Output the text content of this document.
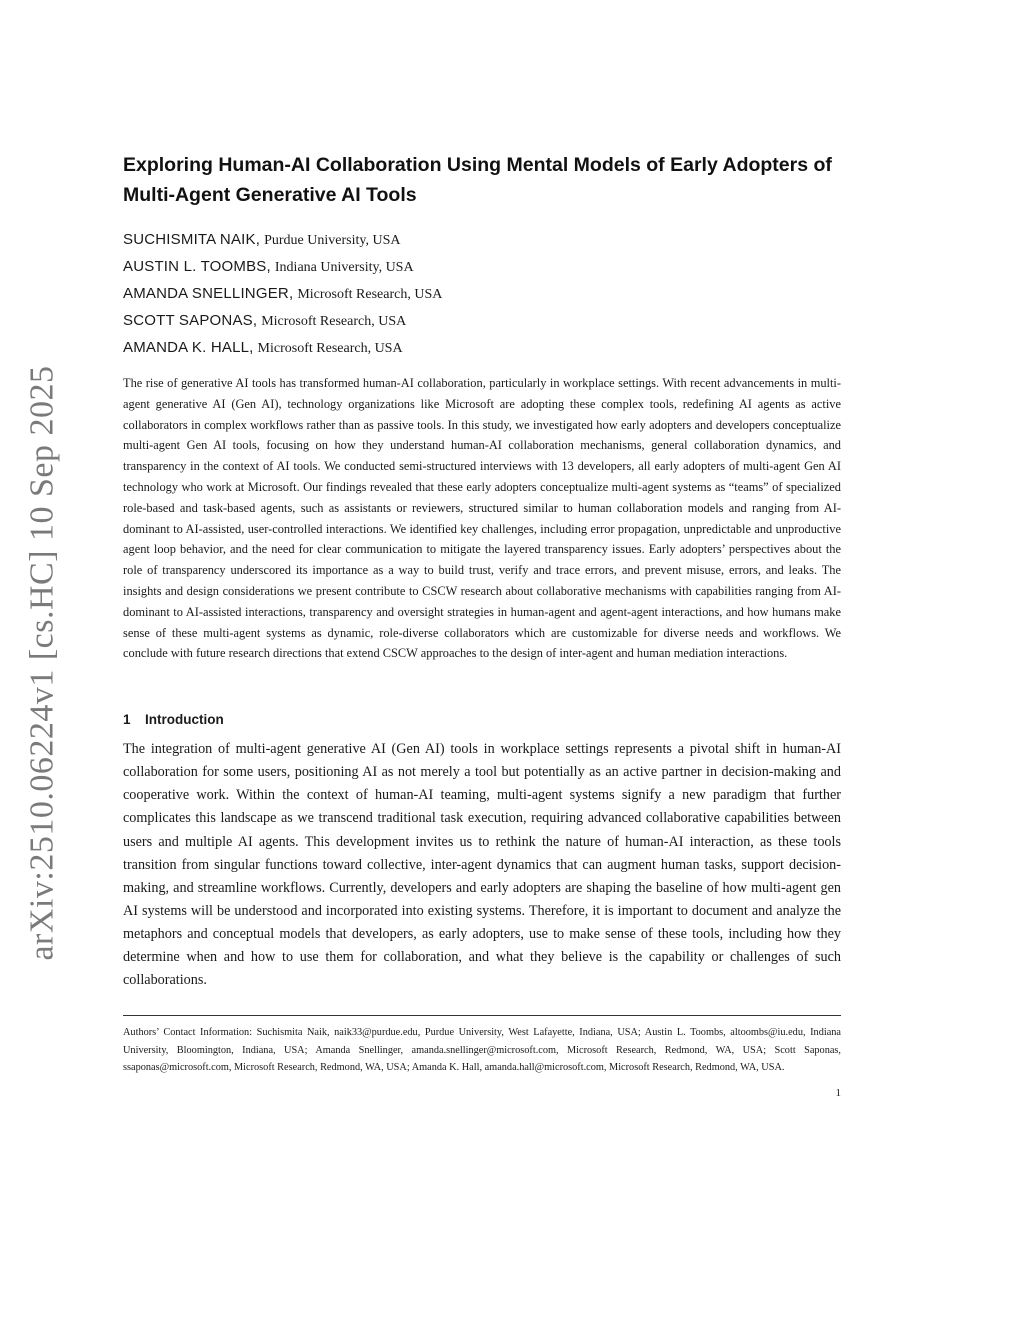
arXiv:2510.06224v1 [cs.HC] 10 Sep 2025
Exploring Human-AI Collaboration Using Mental Models of Early Adopters of Multi-Agent Generative AI Tools
SUCHISMITA NAIK, Purdue University, USA
AUSTIN L. TOOMBS, Indiana University, USA
AMANDA SNELLINGER, Microsoft Research, USA
SCOTT SAPONAS, Microsoft Research, USA
AMANDA K. HALL, Microsoft Research, USA

The rise of generative AI tools has transformed human-AI collaboration, particularly in workplace settings. With recent advancements in multi-agent generative AI (Gen AI), technology organizations like Microsoft are adopting these complex tools, redefining AI agents as active collaborators in complex workflows rather than as passive tools. In this study, we investigated how early adopters and developers conceptualize multi-agent Gen AI tools, focusing on how they understand human-AI collaboration mechanisms, general collaboration dynamics, and transparency in the context of AI tools. We conducted semi-structured interviews with 13 developers, all early adopters of multi-agent Gen AI technology who work at Microsoft. Our findings revealed that these early adopters conceptualize multi-agent systems as “teams” of specialized role-based and task-based agents, such as assistants or reviewers, structured similar to human collaboration models and ranging from AI-dominant to AI-assisted, user-controlled interactions. We identified key challenges, including error propagation, unpredictable and unproductive agent loop behavior, and the need for clear communication to mitigate the layered transparency issues. Early adopters’ perspectives about the role of transparency underscored its importance as a way to build trust, verify and trace errors, and prevent misuse, errors, and leaks. The insights and design considerations we present contribute to CSCW research about collaborative mechanisms with capabilities ranging from AI-dominant to AI-assisted interactions, transparency and oversight strategies in human-agent and agent-agent interactions, and how humans make sense of these multi-agent systems as dynamic, role-diverse collaborators which are customizable for diverse needs and workflows. We conclude with future research directions that extend CSCW approaches to the design of inter-agent and human mediation interactions.

1 Introduction

The integration of multi-agent generative AI (Gen AI) tools in workplace settings represents a pivotal shift in human-AI collaboration for some users, positioning AI as not merely a tool but potentially as an active partner in decision-making and cooperative work. Within the context of human-AI teaming, multi-agent systems signify a new paradigm that further complicates this landscape as we transcend traditional task execution, requiring advanced collaborative capabilities between users and multiple AI agents. This development invites us to rethink the nature of human-AI interaction, as these tools transition from singular functions toward collective, inter-agent dynamics that can augment human tasks, support decision-making, and streamline workflows. Currently, developers and early adopters are shaping the baseline of how multi-agent gen AI systems will be understood and incorporated into existing systems. Therefore, it is important to document and analyze the metaphors and conceptual models that developers, as early adopters, use to make sense of these tools, including how they determine when and how to use them for collaboration, and what they believe is the capability or challenges of such collaborations.

Authors’ Contact Information: Suchismita Naik, naik33@purdue.edu, Purdue University, West Lafayette, Indiana, USA; Austin L. Toombs, altoombs@iu.edu, Indiana University, Bloomington, Indiana, USA; Amanda Snellinger, amanda.snellinger@microsoft.com, Microsoft Research, Redmond, WA, USA; Scott Saponas, ssaponas@microsoft.com, Microsoft Research, Redmond, WA, USA; Amanda K. Hall, amanda.hall@microsoft.com, Microsoft Research, Redmond, WA, USA.

1
